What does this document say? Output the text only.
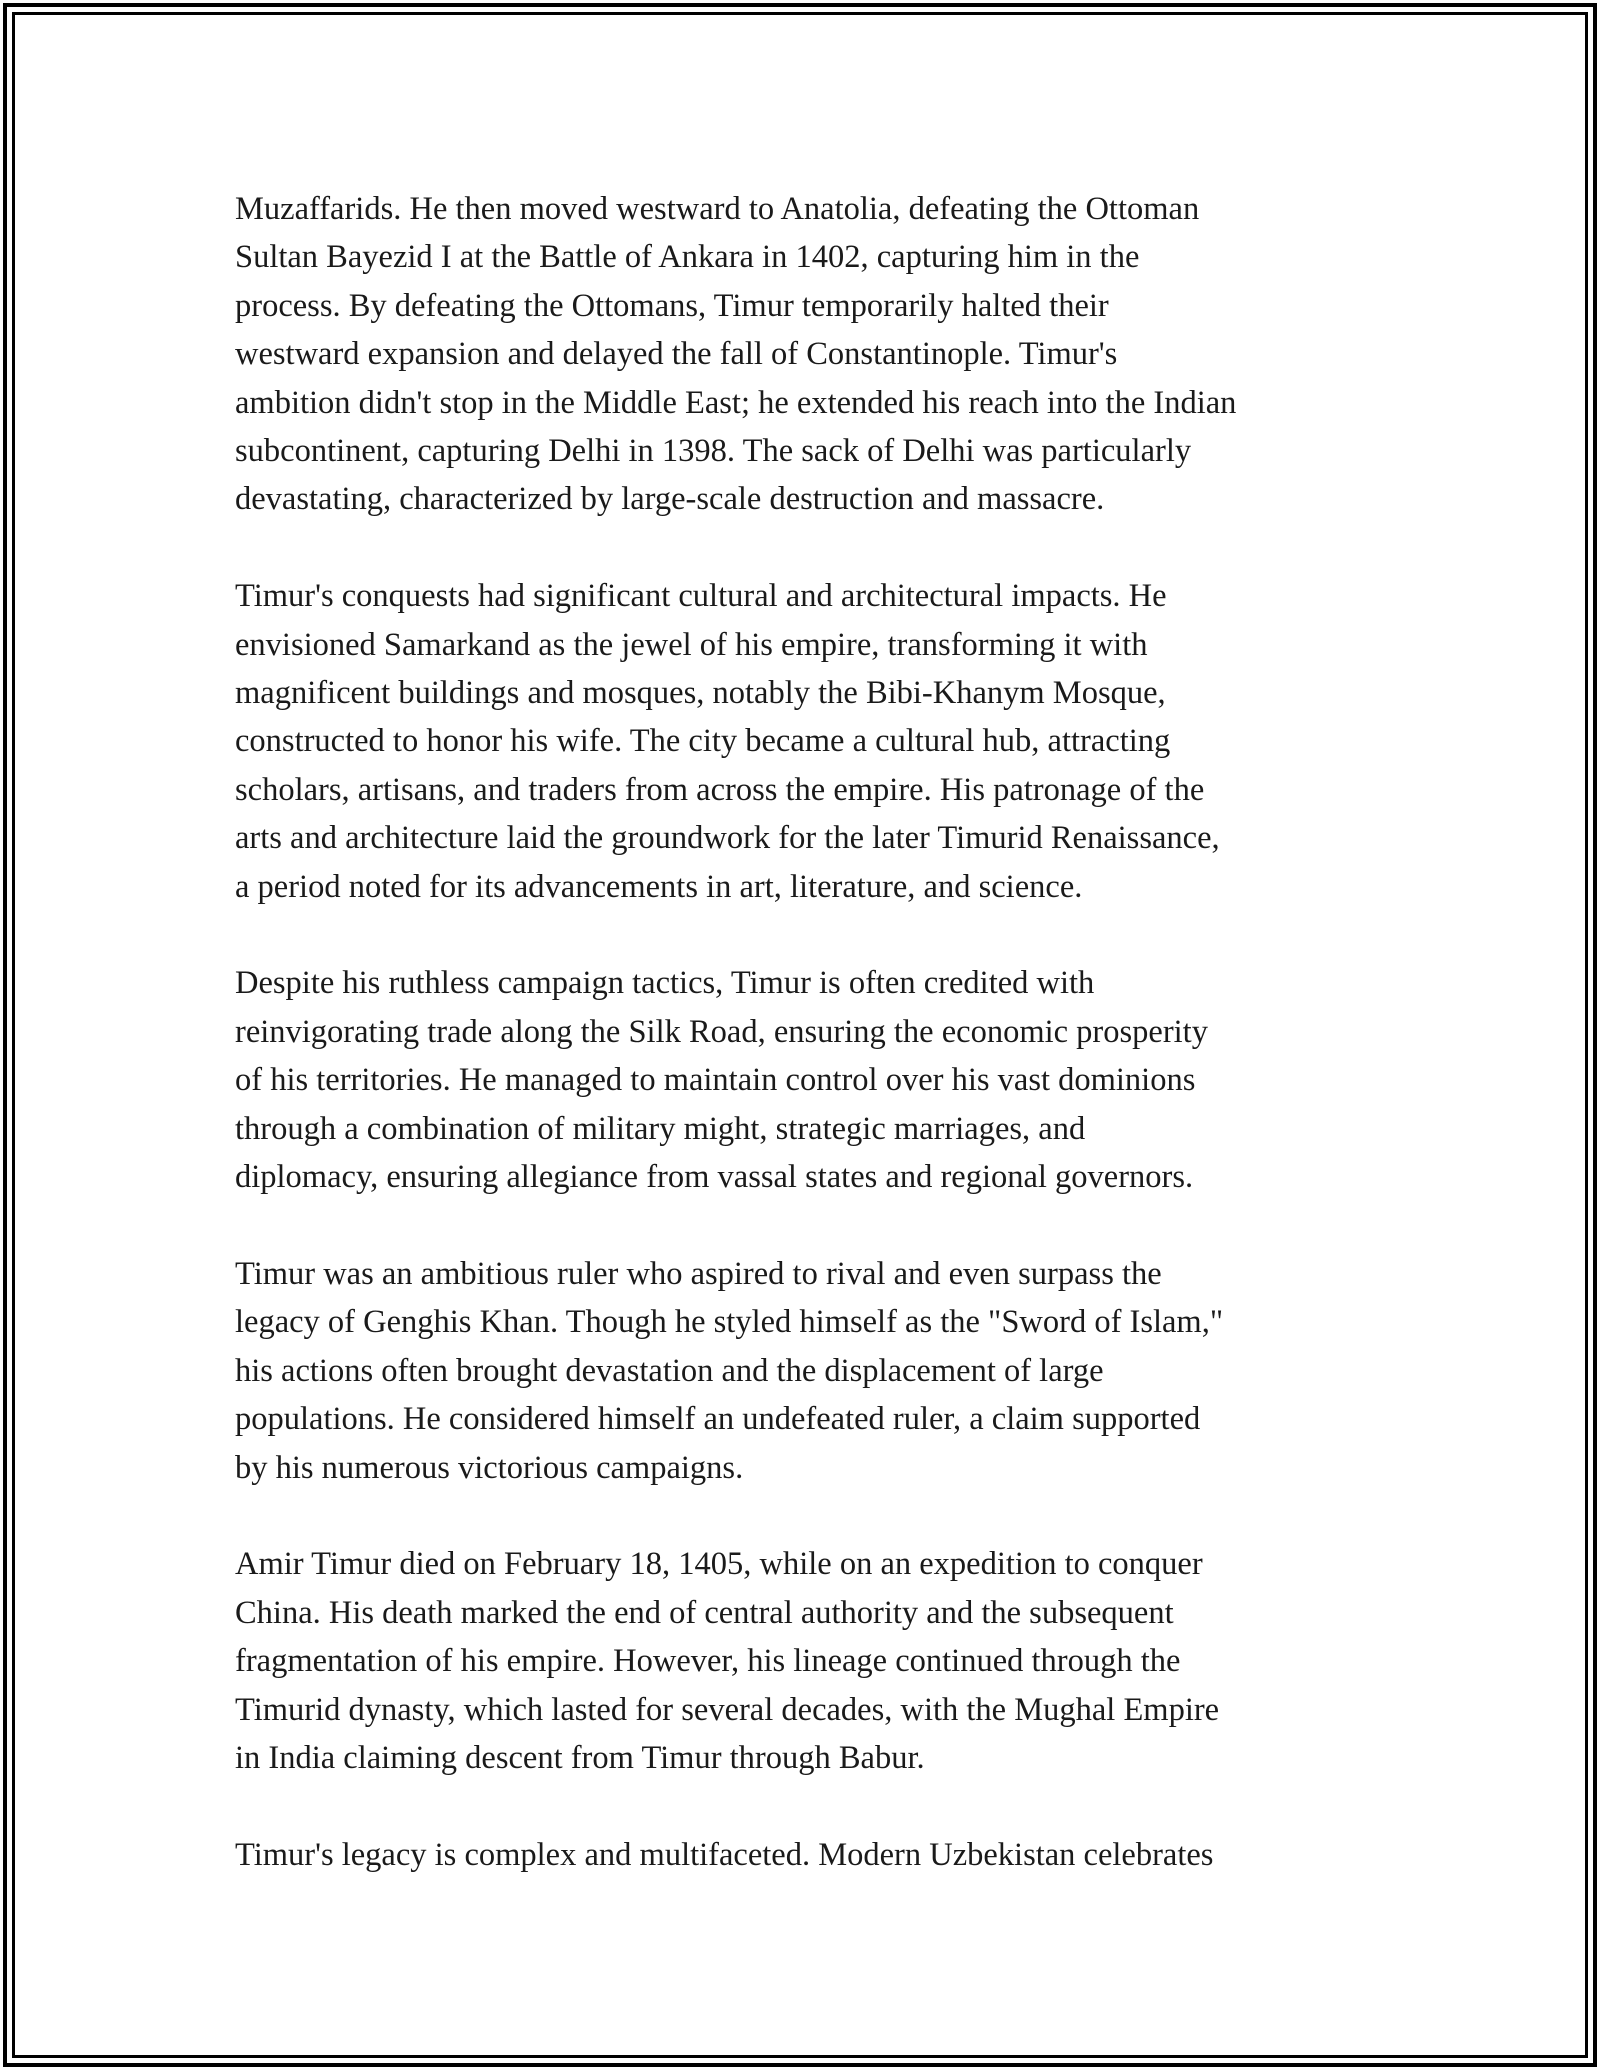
Muzaffarids. He then moved westward to Anatolia, defeating the Ottoman
Sultan Bayezid I at the Battle of Ankara in 1402, capturing him in the
process. By defeating the Ottomans, Timur temporarily halted their
westward expansion and delayed the fall of Constantinople. Timur's
ambition didn't stop in the Middle East; he extended his reach into the Indian
subcontinent, capturing Delhi in 1398. The sack of Delhi was particularly
devastating, characterized by large-scale destruction and massacre.

Timur's conquests had significant cultural and architectural impacts. He
envisioned Samarkand as the jewel of his empire, transforming it with
magnificent buildings and mosques, notably the Bibi-Khanym Mosque,
constructed to honor his wife. The city became a cultural hub, attracting
scholars, artisans, and traders from across the empire. His patronage of the
arts and architecture laid the groundwork for the later Timurid Renaissance,
a period noted for its advancements in art, literature, and science.

Despite his ruthless campaign tactics, Timur is often credited with
reinvigorating trade along the Silk Road, ensuring the economic prosperity
of his territories. He managed to maintain control over his vast dominions
through a combination of military might, strategic marriages, and
diplomacy, ensuring allegiance from vassal states and regional governors.

Timur was an ambitious ruler who aspired to rival and even surpass the
legacy of Genghis Khan. Though he styled himself as the "Sword of Islam,"
his actions often brought devastation and the displacement of large
populations. He considered himself an undefeated ruler, a claim supported
by his numerous victorious campaigns.

Amir Timur died on February 18, 1405, while on an expedition to conquer
China. His death marked the end of central authority and the subsequent
fragmentation of his empire. However, his lineage continued through the
Timurid dynasty, which lasted for several decades, with the Mughal Empire
in India claiming descent from Timur through Babur.

Timur's legacy is complex and multifaceted. Modern Uzbekistan celebrates
